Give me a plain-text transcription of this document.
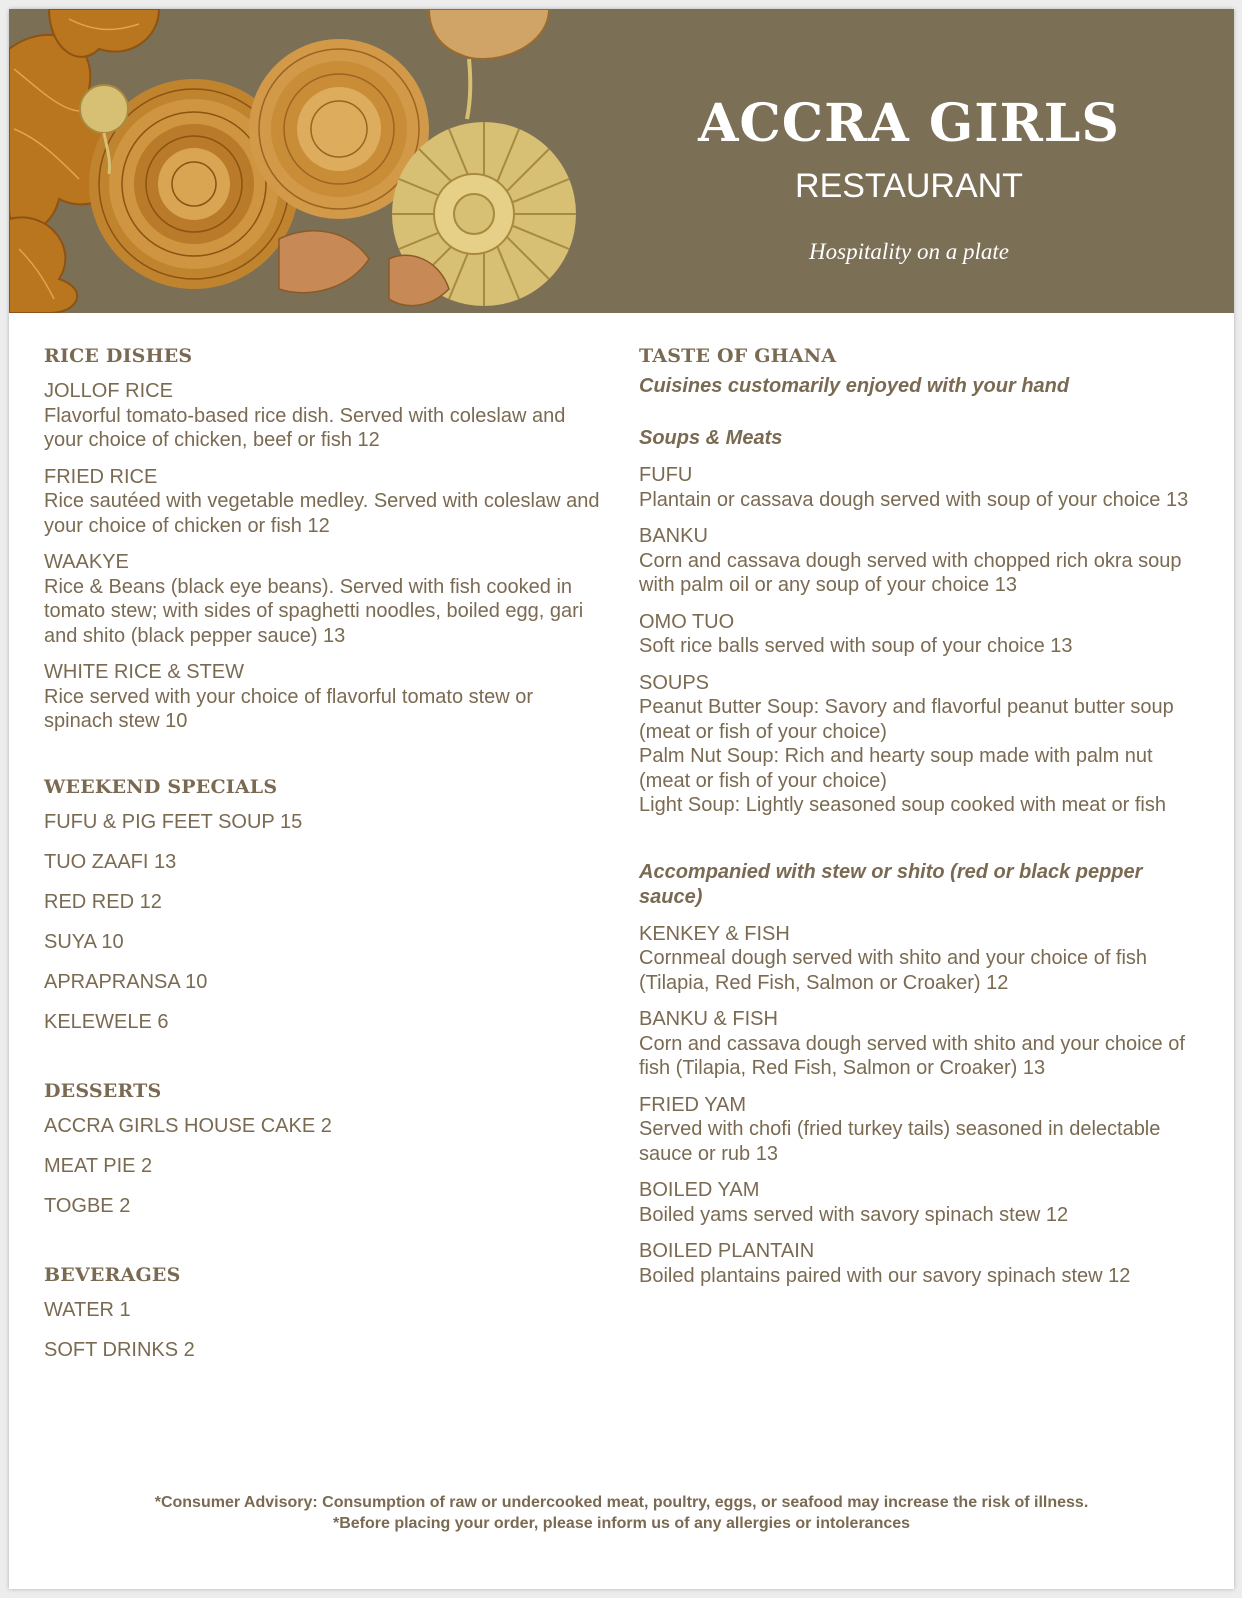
ACCRA GIRLS
RESTAURANT
Hospitality on a plate
RICE DISHES
JOLLOF RICE
Flavorful tomato-based rice dish. Served with coleslaw and your choice of chicken, beef or fish 12
FRIED RICE
Rice sautéed with vegetable medley. Served with coleslaw and your choice of chicken or fish 12
WAAKYE
Rice & Beans (black eye beans). Served with fish cooked in tomato stew; with sides of spaghetti noodles, boiled egg, gari and shito (black pepper sauce) 13
WHITE RICE & STEW
Rice served with your choice of flavorful tomato stew or spinach stew 10
WEEKEND SPECIALS
FUFU & PIG FEET SOUP 15
TUO ZAAFI 13
RED RED 12
SUYA 10
APRAPRANSA 10
KELEWELE 6
DESSERTS
ACCRA GIRLS HOUSE CAKE 2
MEAT PIE 2
TOGBE 2
BEVERAGES
WATER 1
SOFT DRINKS 2
TASTE OF GHANA
Cuisines customarily enjoyed with your hand
Soups & Meats
FUFU
Plantain or cassava dough served with soup of your choice 13
BANKU
Corn and cassava dough served with chopped rich okra soup with palm oil or any soup of your choice 13
OMO TUO
Soft rice balls served with soup of your choice 13
SOUPS
Peanut Butter Soup: Savory and flavorful peanut butter soup (meat or fish of your choice)
Palm Nut Soup: Rich and hearty soup made with palm nut (meat or fish of your choice)
Light Soup: Lightly seasoned soup cooked with meat or fish
Accompanied with stew or shito (red or black pepper sauce)
KENKEY & FISH
Cornmeal dough served with shito and your choice of fish (Tilapia, Red Fish, Salmon or Croaker) 12
BANKU & FISH
Corn and cassava dough served with shito and your choice of fish (Tilapia, Red Fish, Salmon or Croaker) 13
FRIED YAM
Served with chofi (fried turkey tails) seasoned in delectable sauce or rub 13
BOILED YAM
Boiled yams served with savory spinach stew 12
BOILED PLANTAIN
Boiled plantains paired with our savory spinach stew 12
*Consumer Advisory: Consumption of raw or undercooked meat, poultry, eggs, or seafood may increase the risk of illness.
*Before placing your order, please inform us of any allergies or intolerances
